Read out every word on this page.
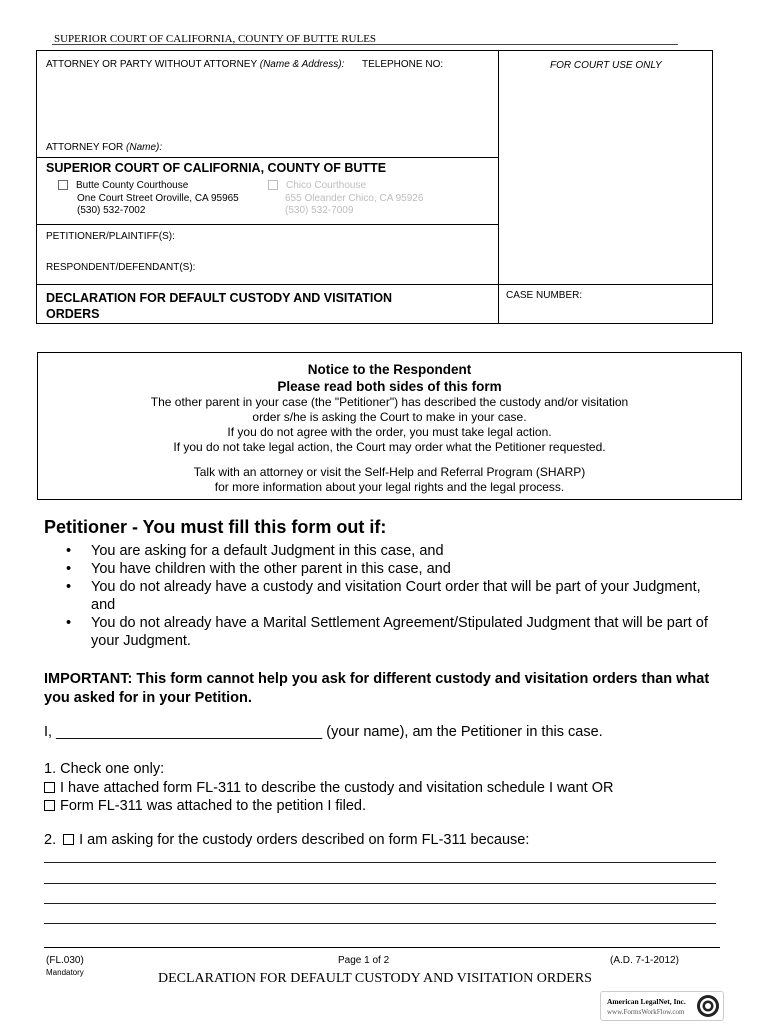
SUPERIOR COURT OF CALIFORNIA, COUNTY OF BUTTE RULES
ATTORNEY OR PARTY WITHOUT ATTORNEY (Name & Address): TELEPHONE NO:	FOR COURT USE ONLY
ATTORNEY FOR (Name):
SUPERIOR COURT OF CALIFORNIA, COUNTY OF BUTTE
Butte County Courthouse
One Court Street Oroville, CA 95965
(530) 532-7002
Chico Courthouse
655 Oleander Chico, CA 95926
(530) 532-7009
PETITIONER/PLAINTIFF(S):
RESPONDENT/DEFENDANT(S):
DECLARATION FOR DEFAULT CUSTODY AND VISITATION
ORDERS
CASE NUMBER:
Notice to the Respondent
Please read both sides of this form
The other parent in your case (the "Petitioner") has described the custody and/or visitation
order s/he is asking the Court to make in your case.
If you do not agree with the order, you must take legal action.
If you do not take legal action, the Court may order what the Petitioner requested.
Talk with an attorney or visit the Self-Help and Referral Program (SHARP)
for more information about your legal rights and the legal process.
Petitioner - You must fill this form out if:
• You are asking for a default Judgment in this case, and
• You have children with the other parent in this case, and
• You do not already have a custody and visitation Court order that will be part of your Judgment,
and
• You do not already have a Marital Settlement Agreement/Stipulated Judgment that will be part of
your Judgment.
IMPORTANT: This form cannot help you ask for different custody and visitation orders than what
you asked for in your Petition.
I, _________________________________ (your name), am the Petitioner in this case.
1. Check one only:
I have attached form FL-311 to describe the custody and visitation schedule I want OR
Form FL-311 was attached to the petition I filed.
2. I am asking for the custody orders described on form FL-311 because:
(FL.030)
Mandatory
Page 1 of 2	(A.D. 7-1-2012)
DECLARATION FOR DEFAULT CUSTODY AND VISITATION ORDERS
American LegalNet, Inc.
www.FormsWorkFlow.com
